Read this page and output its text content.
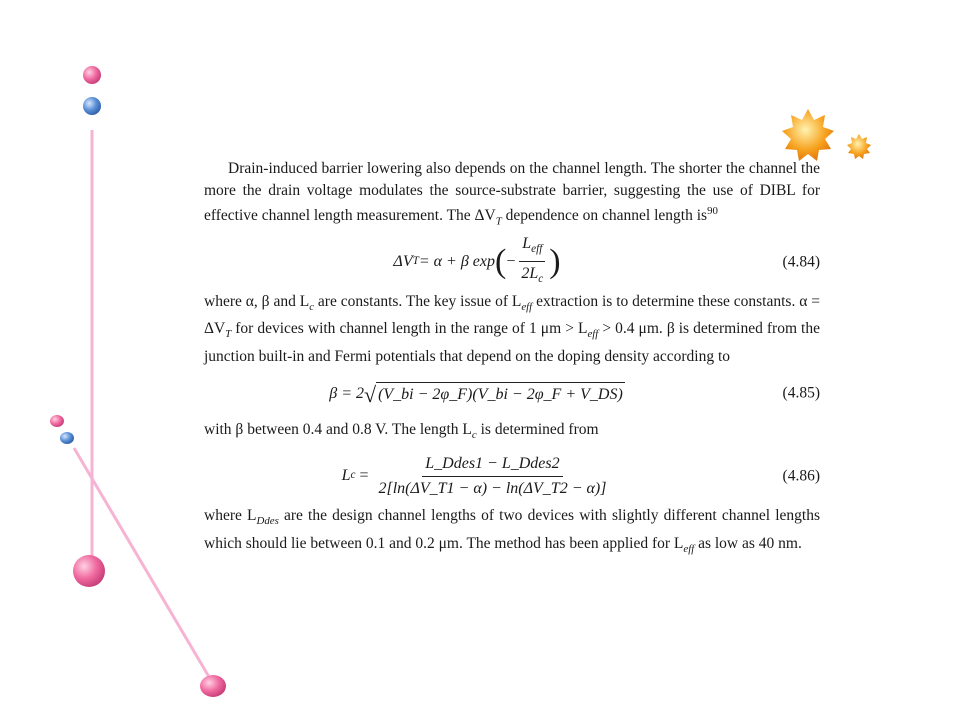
Drain-induced barrier lowering also depends on the channel length. The shorter the channel the more the drain voltage modulates the source-substrate barrier, suggesting the use of DIBL for effective channel length measurement. The $\Delta V_T$ dependence on channel length $is^{90}$

ΔV T = α + β exp ( − $\frac{L_{eff}}{2L_c}$ )	(4.84)

where α, β and $L_c$ are constants. The key issue of $L_{eff}$ extraction is to determine these constants. $\alpha = \Delta V_T$ for devices with channel length in the range of 1 $\mu m > L_{eff} > 0.4$ μm. β is determined from the junction built-in and Fermi potentials that depend on the doping density according to

β = 2 √ (V_bi − 2φ_F)(V_bi − 2φ_F + V_DS)	(4.85)

with β between 0.4 and 0.8 V. The length $L_c$ is determined from

L $c = \frac{\text{L\_Ddes1 − L\_Ddes2}}{2[\ln(\Delta V\_T1 - \alpha) - \ln(\Delta V\_T2 - \alpha)]}$	(4.86)

where $L_{Ddes}$ are the design channel lengths of two devices with slightly different channel lengths which should lie between 0.1 and 0.2 μm. The method has been applied for $L_{eff}$ as low as 40 nm.
